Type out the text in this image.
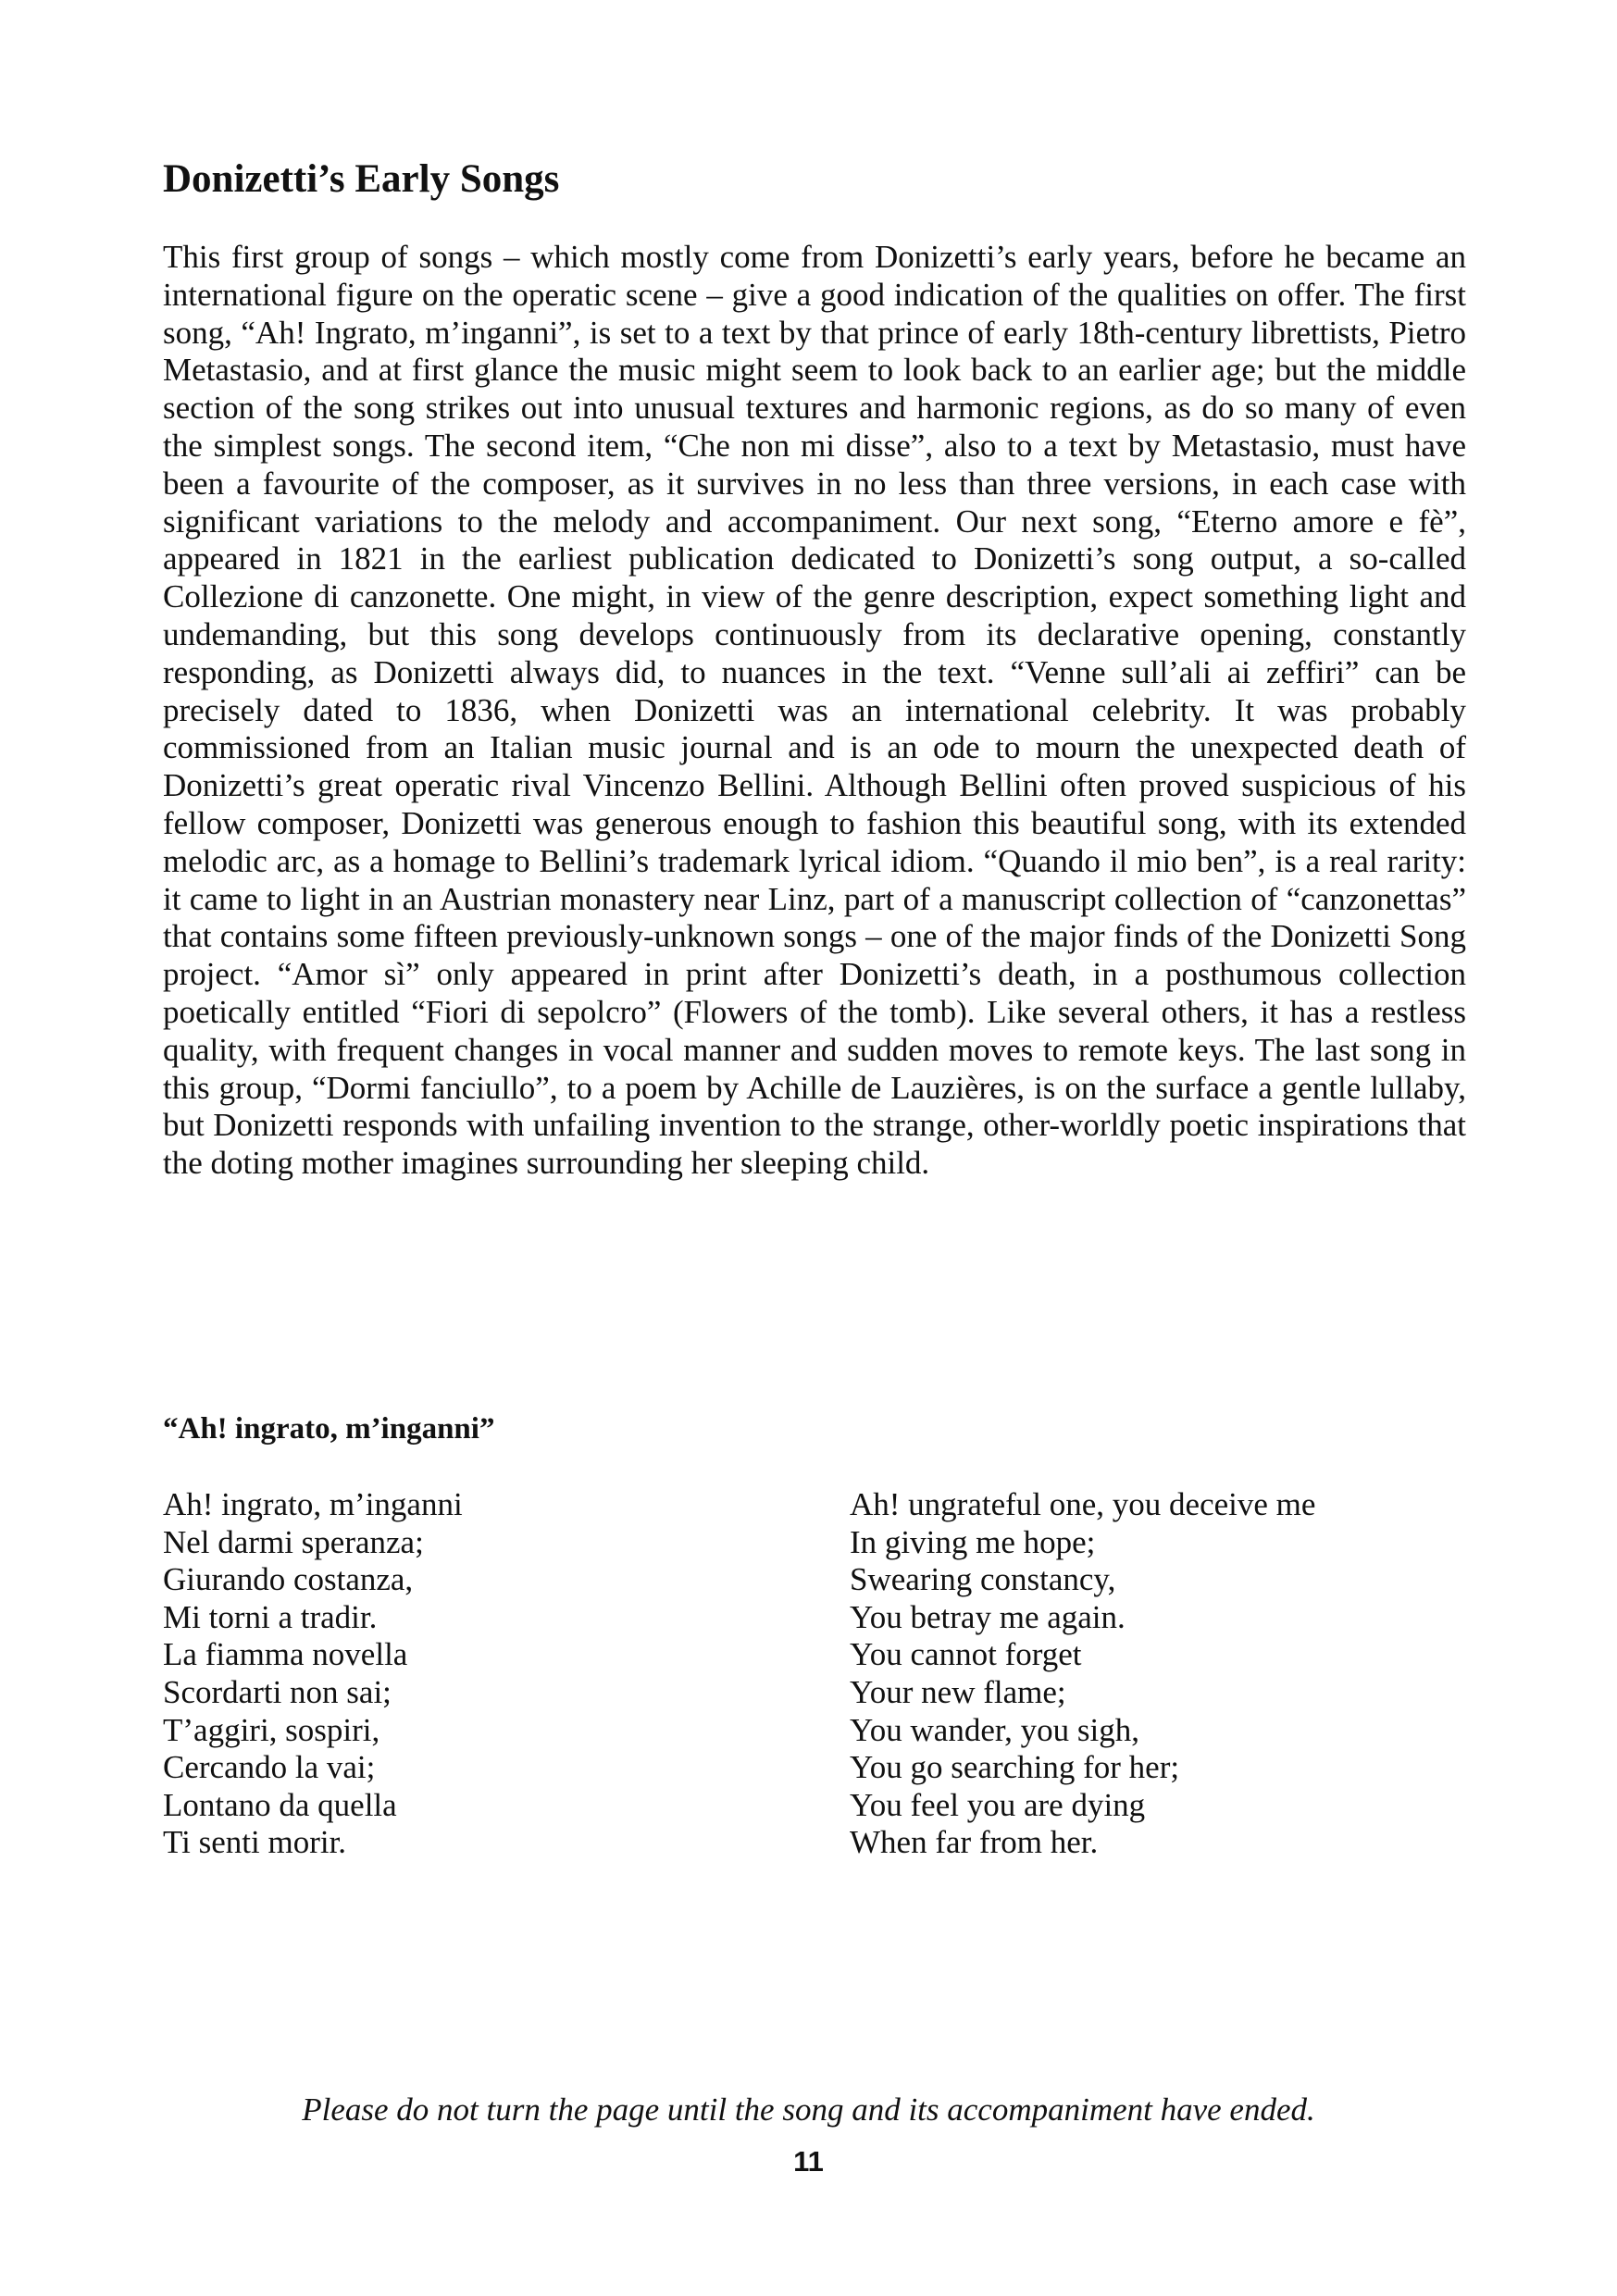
Donizetti’s Early Songs

This first group of songs – which mostly come from Donizetti’s early years, before he became an international figure on the operatic scene – give a good indication of the qualities on offer. The first song, “Ah! Ingrato, m’inganni”, is set to a text by that prince of early 18th-century librettists, Pietro Metastasio, and at first glance the music might seem to look back to an earlier age; but the middle section of the song strikes out into unusual textures and harmonic regions, as do so many of even the simplest songs. The second item, “Che non mi disse”, also to a text by Metastasio, must have been a favourite of the composer, as it survives in no less than three versions, in each case with significant variations to the melody and accompaniment. Our next song, “Eterno amore e fè”, appeared in 1821 in the earliest publication dedicated to Donizetti’s song output, a so-called Collezione di canzonette. One might, in view of the genre description, expect something light and undemanding, but this song develops continuously from its declarative opening, constantly responding, as Donizetti always did, to nuances in the text. “Venne sull’ali ai zeffiri” can be precisely dated to 1836, when Donizetti was an international celebrity. It was probably commissioned from an Italian music journal and is an ode to mourn the unexpected death of Donizetti’s great operatic rival Vincenzo Bellini. Although Bellini often proved suspicious of his fellow composer, Donizetti was generous enough to fashion this beautiful song, with its extended melodic arc, as a homage to Bellini’s trademark lyrical idiom. “Quando il mio ben”, is a real rarity: it came to light in an Austrian monastery near Linz, part of a manuscript collection of “canzonettas” that contains some fifteen previously-unknown songs – one of the major finds of the Donizetti Song project. “Amor sì” only appeared in print after Donizetti’s death, in a posthumous collection poetically entitled “Fiori di sepolcro” (Flowers of the tomb). Like several others, it has a restless quality, with frequent changes in vocal manner and sudden moves to remote keys. The last song in this group, “Dormi fanciullo”, to a poem by Achille de Lauzières, is on the surface a gentle lullaby, but Donizetti responds with unfailing invention to the strange, other-worldly poetic inspirations that the doting mother imagines surrounding her sleeping child.

“Ah! ingrato, m’inganni”
Ah! ingrato, m’inganni
Nel darmi speranza;
Giurando costanza,
Mi torni a tradir.
La fiamma novella
Scordarti non sai;
T’aggiri, sospiri,
Cercando la vai;
Lontano da quella
Ti senti morir.
Ah! ungrateful one, you deceive me
In giving me hope;
Swearing constancy,
You betray me again.
You cannot forget
Your new flame;
You wander, you sigh,
You go searching for her;
You feel you are dying
When far from her.

Please do not turn the page until the song and its accompaniment have ended.

11
